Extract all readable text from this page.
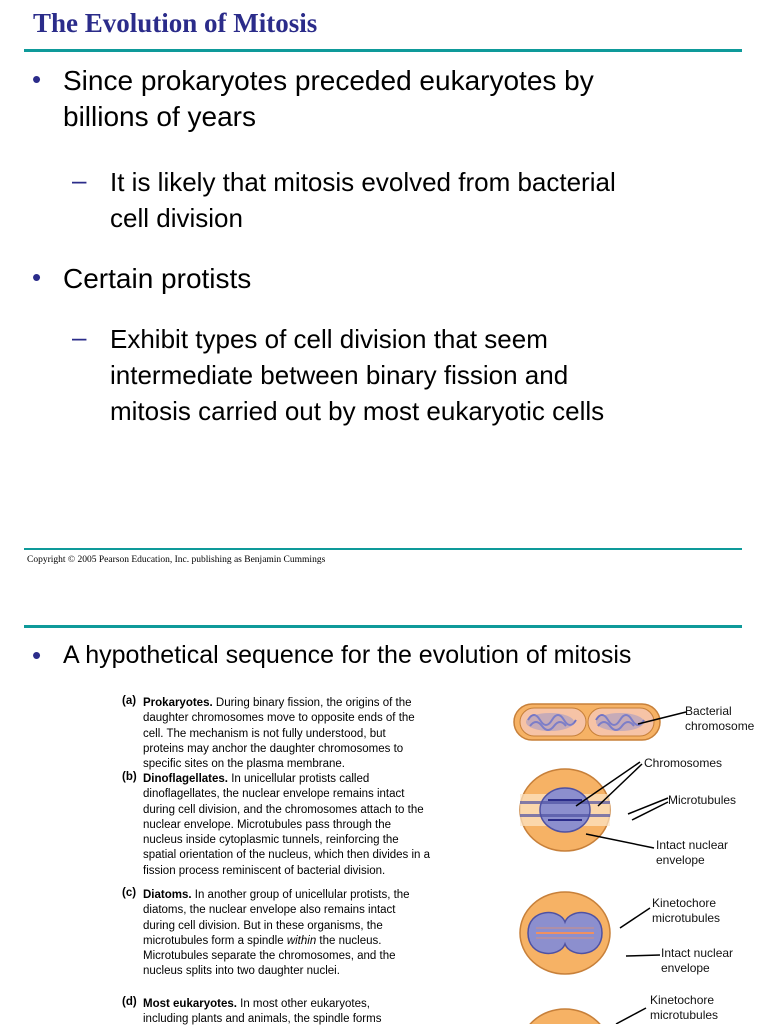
The Evolution of Mitosis
• Since prokaryotes preceded eukaryotes by
billions of years
– It is likely that mitosis evolved from bacterial
cell division
• Certain protists
– Exhibit types of cell division that seem
intermediate between binary fission and
mitosis carried out by most eukaryotic cells
Copyright © 2005 Pearson Education, Inc. publishing as Benjamin Cummings
• A hypothetical sequence for the evolution of mitosis
(a) Prokaryotes. During binary fission, the origins of the
daughter chromosomes move to opposite ends of the
cell. The mechanism is not fully understood, but
proteins may anchor the daughter chromosomes to
specific sites on the plasma membrane.
(b) Dinoflagellates. In unicellular protists called
dinoflagellates, the nuclear envelope remains intact
during cell division, and the chromosomes attach to the
nuclear envelope. Microtubules pass through the
nucleus inside cytoplasmic tunnels, reinforcing the
spatial orientation of the nucleus, which then divides in a
fission process reminiscent of bacterial division.
(c) Diatoms. In another group of unicellular protists, the
diatoms, the nuclear envelope also remains intact
during cell division. But in these organisms, the
microtubules form a spindle within the nucleus.
Microtubules separate the chromosomes, and the
nucleus splits into two daughter nuclei.
(d) Most eukaryotes. In most other eukaryotes,
including plants and animals, the spindle forms
Bacterial
chromosome
Chromosomes
Microtubules
Intact nuclear
envelope
Kinetochore
microtubules
Intact nuclear
envelope
Kinetochore
microtubules
